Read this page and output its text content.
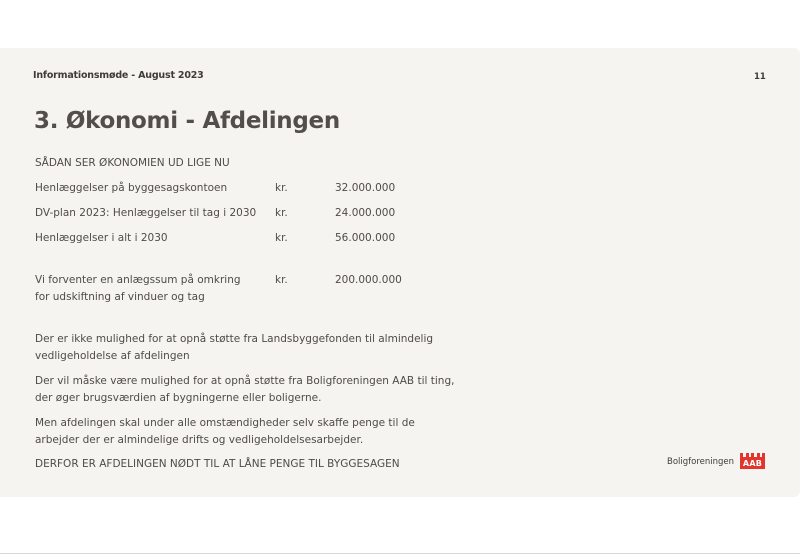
Informationsmøde - August 2023	11
3. Økonomi - Afdelingen
SÅDAN SER ØKONOMIEN UD LIGE NU
Henlæggelser på byggesagskontoen	kr.	32.000.000
DV-plan 2023: Henlæggelser til tag i 2030 kr.	24.000.000
Henlæggelser i alt i 2030	kr.	56.000.000
Vi forventer en anlægssum på omkring
for udskiftning af vinduer og tag
kr.	200.000.000

Der er ikke mulighed for at opnå støtte fra Landsbyggefonden til almindelig vedligeholdelse af afdelingen

Der vil måske være mulighed for at opnå støtte fra Boligforeningen AAB til ting, der øger brugsværdien af bygningerne eller boligerne.

Men afdelingen skal under alle omstændigheder selv skaffe penge til de arbejder der er almindelige drifts og vedligeholdelsesarbejder.

DERFOR ER AFDELINGEN NØDT TIL AT LÅNE PENGE TIL BYGGESAGEN	Boligforeningen	AAB
